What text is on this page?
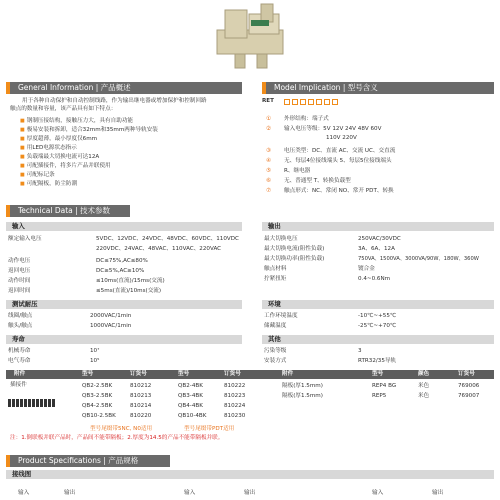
General Information | 产品概述
用于各种自动保护和自动控制线路，作为输出继电器或增加保护和控制回路
触点的数量和容量，该产品具有如下特点：
■ 钢制压接结构，接触压力大，具有自助功能
■ 极易安装和拆卸，适合32mm和35mm两种导轨安装
■ 厚度超薄，最小厚度仅6mm
■ 用LED电源状态指示
■ 负载端最大切换电流可达12A
■ 可配插接件，将多片产品并联使用
■ 可配标记条
■ 可配隔板，防尘防潮
Model Implication | 型号含义
RET
① 外形结构：端子式
② 输入电压等级：5V 12V 24V 48V 60V
110V 220V
③ 电压类型：DC、直流 AC、交流 UC、交直流
④ 无、每层4位接线端头 5、每层5位接线端头
⑤ R、继电器
⑥ 无、普通型 T、转换负载型
⑦ 触点形式：NC、常闭 NO、常开 PDT、转换
Technical Data | 技术参数
输入	输出
额定输入电压	5VDC、12VDC、24VDC、48VDC、60VDC、110VDC
220VDC、24VAC、48VAC、110VAC、220VAC
动作电压	DC≤75%,AC≤80%
返回电压	DC≥5%,AC≥10%
动作时间	≤10ms(直流)/15ms(交流)
返回时间	≤5ms(直流)/10ms(交流)
最大切换电压	250VAC/30VDC
最大切换电流(阻性负载)	3A、6A、12A
最大切换功率(阻性负载)	750VA、1500VA、3000VA/90W、180W、360W
触点材料	镀合金
拧紧扭矩	0.4~0.6Nm
测试耐压	环境
线圈/触点	2000VAC/1min
触头/触点	1000VAC/1min
工作环境温度	-10℃~+55℃
储藏温度	-25℃~+70℃
寿命	其他
机械寿命	10⁷
电气寿命	10⁵
污染等级	3
安装方式	RTR32/35导轨
附件	型号	订货号	型号	订货号	附件	型号	颜色	订货号
插接件	QB2-2.5BK	810212	QB2-4BK	810222
QB3-2.5BK	810213	QB3-4BK	810223
QB4-2.5BK	810214	QB4-4BK	810224
QB10-2.5BK	810220	QB10-4BK	810230
隔板(厚1.5mm)	REP4 BG	米色	769006
隔板(厚1.5mm)	REP5	米色	769007
型号尾缀带5NC, N0适用	型号尾缀带PDT适用
注：1.倒联板并联产品时，产品间不能带隔板；2.厚度为14.5的产品不能带隔板并联。
Product Specifications | 产品规格
接线图
输入	输出	输入	输出	输入	输出
